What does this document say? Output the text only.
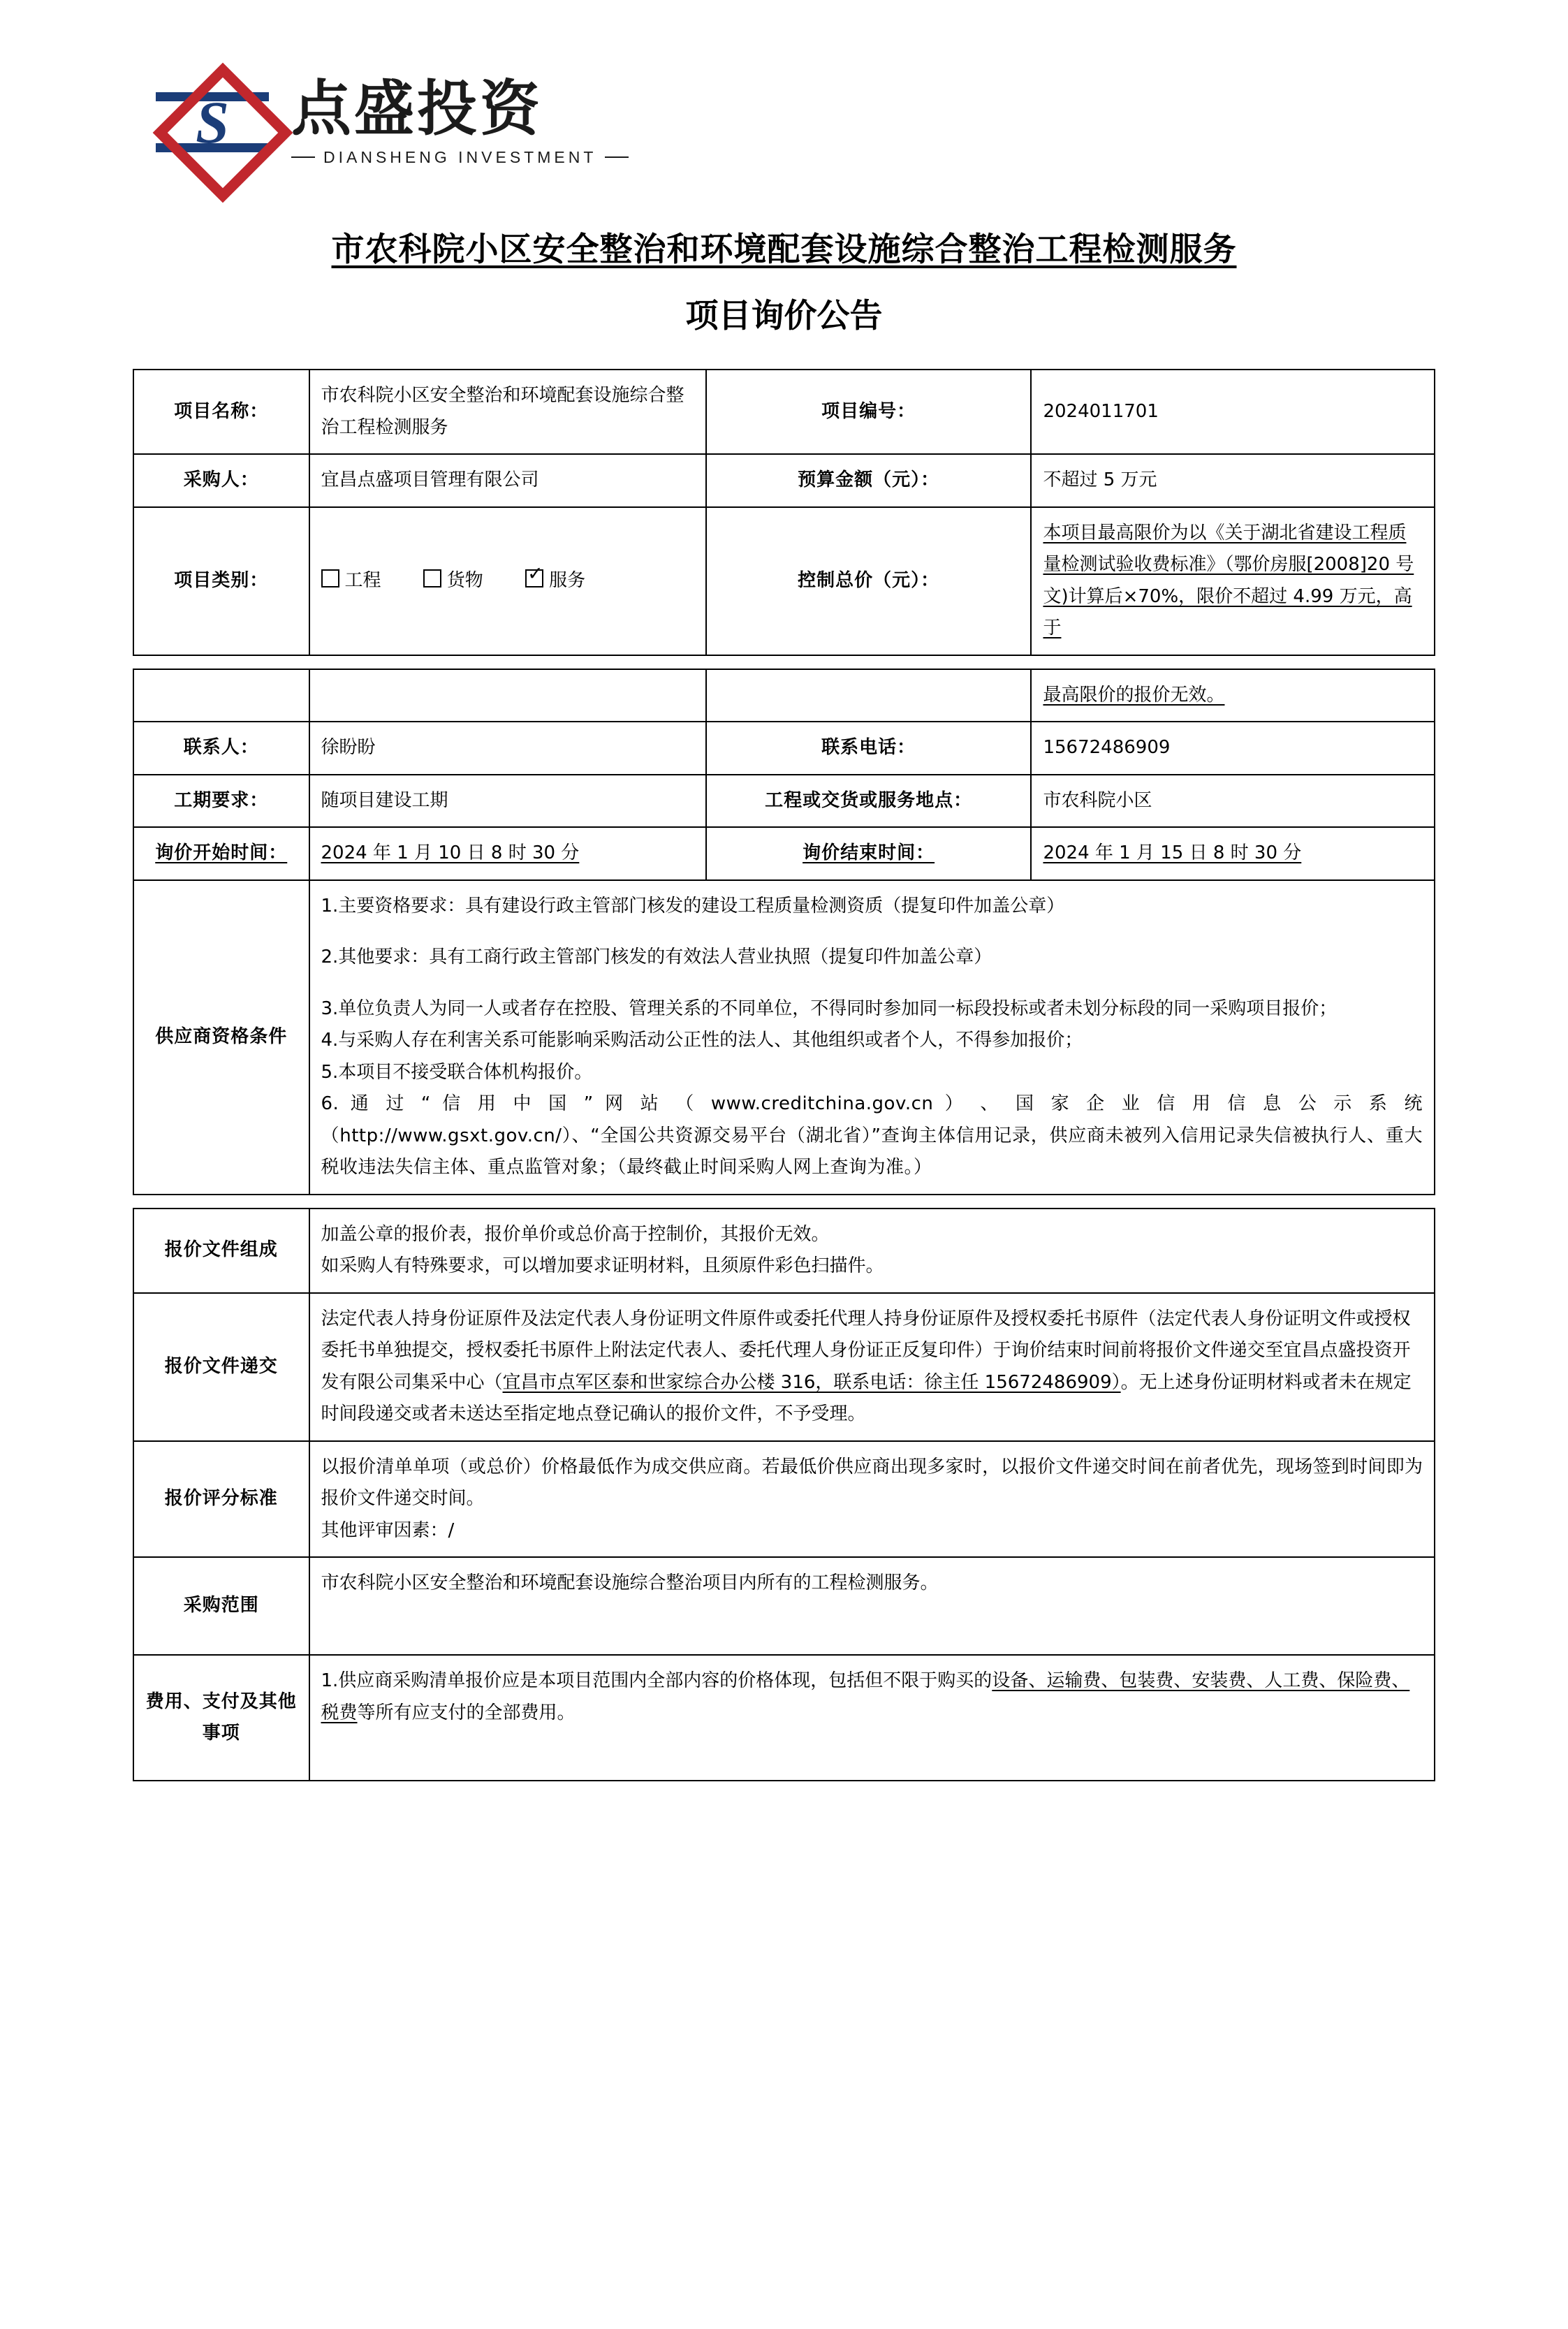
S 点盛投资
DIANSHENG INVESTMENT
市农科院小区安全整治和环境配套设施综合整治工程检测服务
项目询价公告
项目名称：	市农科院小区安全整治和环境配套设施综合整治工程检测服务	项目编号：	2024011701
采购人：	宜昌点盛项目管理有限公司	预算金额（元）：	不超过 5 万元
项目类别：	工程 货物 ✓ 服务	控制总价（元）：	本项目最高限价为以《关于湖北省建设工程质量检测试验收费标准》（鄂价房服[2008]20 号文)计算后×70%，限价不超过 4.99 万元，高于
			最高限价的报价无效。
联系人：	徐盼盼	联系电话：	15672486909
工期要求：	随项目建设工期	工程或交货或服务地点：	市农科院小区
询价开始时间：	2024 年 1 月 10 日 8 时 30 分	询价结束时间：	2024 年 1 月 15 日 8 时 30 分
供应商资格条件	

1.主要资格要求：具有建设行政主管部门核发的建设工程质量检测资质（提复印件加盖公章）

2.其他要求：具有工商行政主管部门核发的有效法人营业执照（提复印件加盖公章）

3.单位负责人为同一人或者存在控股、管理关系的不同单位，不得同时参加同一标段投标或者未划分标段的同一采购项目报价；

4.与采购人存在利害关系可能影响采购活动公正性的法人、其他组织或者个人，不得参加报价；

5.本项目不接受联合体机构报价。

6. 通 过 “ 信 用 中 国 ” 网 站 （ www.creditchina.gov.cn ） 、 国 家 企 业 信 用 信 息 公 示 系 统（http://www.gsxt.gov.cn/）、“全国公共资源交易平台（湖北省）”查询主体信用记录，供应商未被列入信用记录失信被执行人、重大税收违法失信主体、重点监管对象；（最终截止时间采购人网上查询为准。）

报价文件组成	加盖公章的报价表，报价单价或总价高于控制价，其报价无效。
如采购人有特殊要求，可以增加要求证明材料，且须原件彩色扫描件。

报价文件递交	法定代表人持身份证原件及法定代表人身份证明文件原件或委托代理人持身份证原件及授权委托书原件（法定代表人身份证明文件或授权委托书单独提交，授权委托书原件上附法定代表人、委托代理人身份证正反复印件）于询价结束时间前将报价文件递交至宜昌点盛投资开发有限公司集采中心（宜昌市点军区泰和世家综合办公楼 316，联系电话：徐主任 15672486909）。无上述身份证明材料或者未在规定时间段递交或者未送达至指定地点登记确认的报价文件，不予受理。
报价评分标准	以报价清单单项（或总价）价格最低作为成交供应商。若最低价供应商出现多家时，以报价文件递交时间在前者优先，现场签到时间即为报价文件递交时间。
其他评审因素：/

采购范围	市农科院小区安全整治和环境配套设施综合整治项目内所有的工程检测服务。

费用、支付及其他
事项	1.供应商采购清单报价应是本项目范围内全部内容的价格体现，包括但不限于购买的设备、运输费、包装费、安装费、人工费、保险费、税费等所有应支付的全部费用。
